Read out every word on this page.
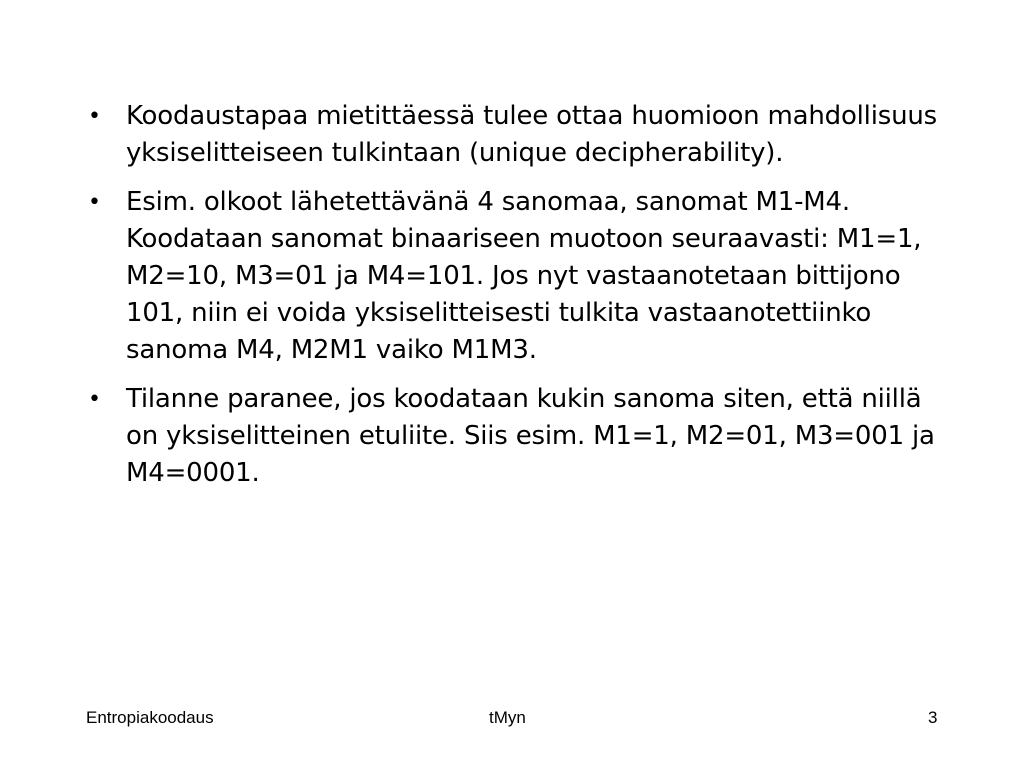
• Koodaustapaa mietittäessä tulee ottaa huomioon mahdollisuus yksiselitteiseen tulkintaan (unique decipherability).
• Esim. olkoot lähetettävänä 4 sanomaa, sanomat M1-M4. Koodataan sanomat binaariseen muotoon seuraavasti: M1=1, M2=10, M3=01 ja M4=101. Jos nyt vastaanotetaan bittijono 101, niin ei voida yksiselitteisesti tulkita vastaanotettiinko sanoma M4, M2M1 vaiko M1M3.
• Tilanne paranee, jos koodataan kukin sanoma siten, että niillä on yksiselitteinen etuliite. Siis esim. M1=1, M2=01, M3=001 ja M4=0001.
Entropiakoodaus	tMyn	3
